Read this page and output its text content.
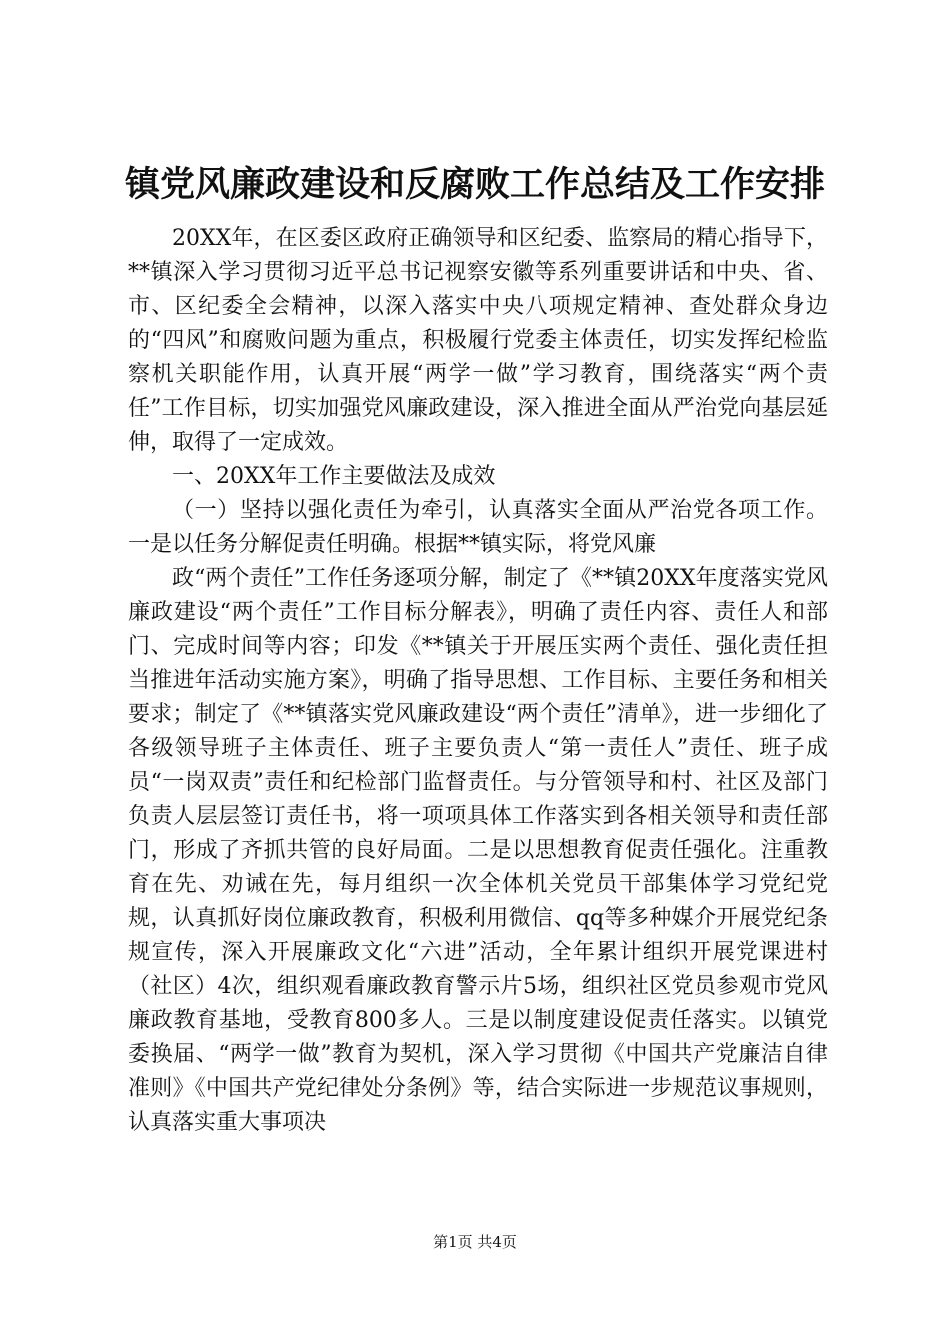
镇党风廉政建设和反腐败工作总结及工作安排

20XX年，在区委区政府正确领导和区纪委、监察局的精心指导下，**镇深入学习贯彻习近平总书记视察安徽等系列重要讲话和中央、省、市、区纪委全会精神，以深入落实中央八项规定精神、查处群众身边的“四风”和腐败问题为重点，积极履行党委主体责任，切实发挥纪检监察机关职能作用，认真开展“两学一做”学习教育，围绕落实“两个责任”工作目标，切实加强党风廉政建设，深入推进全面从严治党向基层延伸，取得了一定成效。

一、20XX年工作主要做法及成效

（一）坚持以强化责任为牵引，认真落实全面从严治党各项工作。一是以任务分解促责任明确。根据**镇实际，将党风廉

政“两个责任”工作任务逐项分解，制定了《**镇20XX年度落实党风廉政建设“两个责任”工作目标分解表》，明确了责任内容、责任人和部门、完成时间等内容；印发《**镇关于开展压实两个责任、强化责任担当推进年活动实施方案》，明确了指导思想、工作目标、主要任务和相关要求；制定了《**镇落实党风廉政建设“两个责任”清单》，进一步细化了各级领导班子主体责任、班子主要负责人“第一责任人”责任、班子成员“一岗双责”责任和纪检部门监督责任。与分管领导和村、社区及部门负责人层层签订责任书，将一项项具体工作落实到各相关领导和责任部门，形成了齐抓共管的良好局面。二是以思想教育促责任强化。注重教育在先、劝诫在先，每月组织一次全体机关党员干部集体学习党纪党规，认真抓好岗位廉政教育，积极利用微信、qq等多种媒介开展党纪条规宣传，深入开展廉政文化“六进”活动，全年累计组织开展党课进村（社区）4次，组织观看廉政教育警示片5场，组织社区党员参观市党风廉政教育基地，受教育800多人。三是以制度建设促责任落实。以镇党委换届、“两学一做”教育为契机，深入学习贯彻《中国共产党廉洁自律准则》《中国共产党纪律处分条例》等，结合实际进一步规范议事规则，认真落实重大事项决

第1页 共4页
